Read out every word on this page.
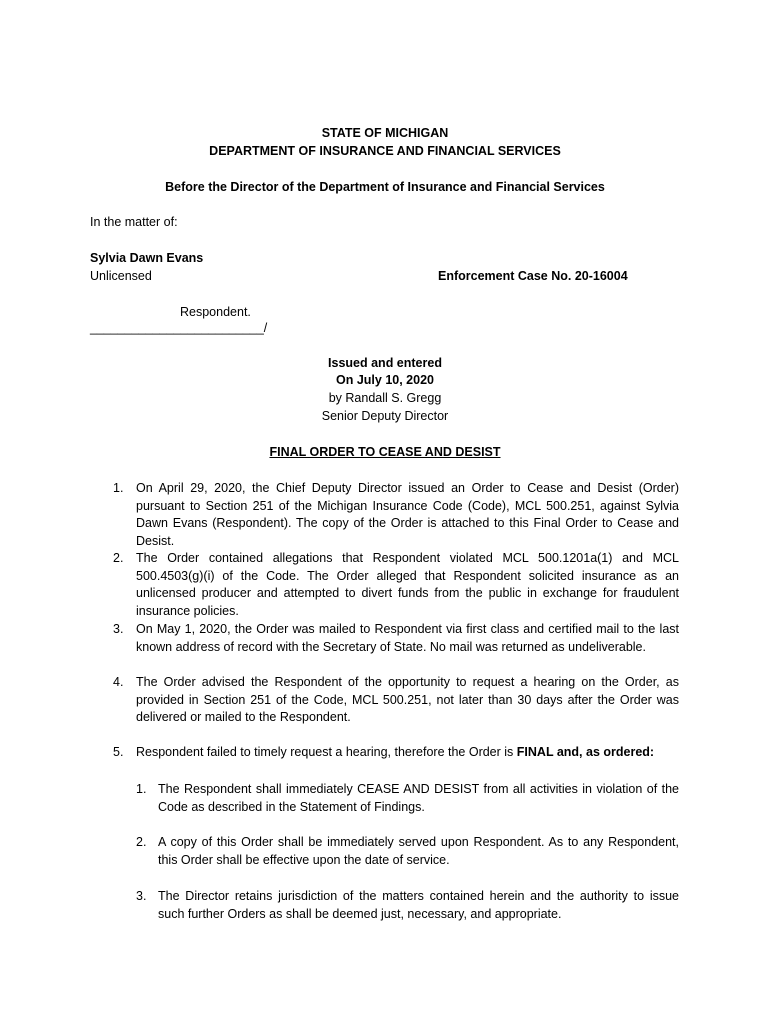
STATE OF MICHIGAN
DEPARTMENT OF INSURANCE AND FINANCIAL SERVICES
Before the Director of the Department of Insurance and Financial Services
In the matter of:
Sylvia Dawn Evans
Unlicensed	Enforcement Case No. 20-16004
Respondent.
_________________________/
Issued and entered
On July 10, 2020
by Randall S. Gregg
Senior Deputy Director
FINAL ORDER TO CEASE AND DESIST
1. On April 29, 2020, the Chief Deputy Director issued an Order to Cease and Desist (Order) pursuant to Section 251 of the Michigan Insurance Code (Code), MCL 500.251, against Sylvia Dawn Evans (Respondent). The copy of the Order is attached to this Final Order to Cease and Desist.
2. The Order contained allegations that Respondent violated MCL 500.1201a(1) and MCL 500.4503(g)(i) of the Code. The Order alleged that Respondent solicited insurance as an unlicensed producer and attempted to divert funds from the public in exchange for fraudulent insurance policies.
3. On May 1, 2020, the Order was mailed to Respondent via first class and certified mail to the last known address of record with the Secretary of State. No mail was returned as undeliverable.
4. The Order advised the Respondent of the opportunity to request a hearing on the Order, as provided in Section 251 of the Code, MCL 500.251, not later than 30 days after the Order was delivered or mailed to the Respondent.
5. Respondent failed to timely request a hearing, therefore the Order is FINAL and, as ordered:
1. The Respondent shall immediately CEASE AND DESIST from all activities in violation of the Code as described in the Statement of Findings.
2. A copy of this Order shall be immediately served upon Respondent. As to any Respondent, this Order shall be effective upon the date of service.
3. The Director retains jurisdiction of the matters contained herein and the authority to issue such further Orders as shall be deemed just, necessary, and appropriate.
